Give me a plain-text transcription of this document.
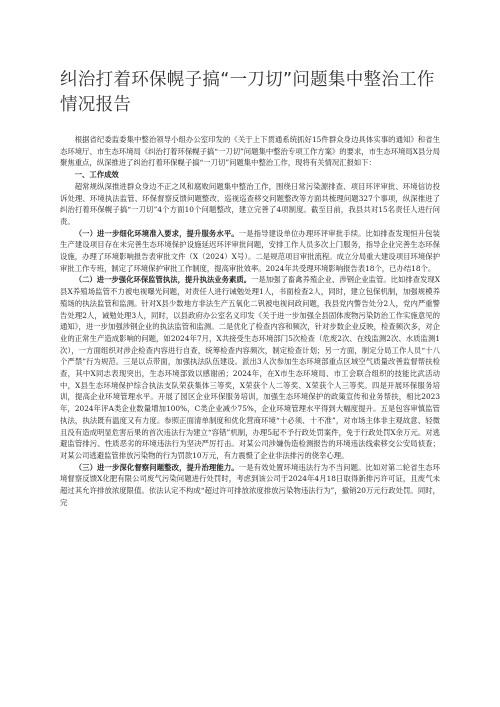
纠治打着环保幌子搞“一刀切”问题集中整治工作情况报告

根据省纪委监委集中整治领导小组办公室印发的《关于上下贯通系统抓好15件群众身边具体实事的通知》和省生态环境厅、市生态环境局《纠治打着环保幌子搞“一刀切”问题集中整治专项工作方案》的要求，市生态环境局X县分局聚焦重点，纵深推进了纠治打着环保幌子搞“一刀切”问题集中整治工作，现将有关情况汇报如下：

一、工作成效

超常规纵深推进群众身边不正之风和腐败问题集中整治工作，围绕日常污染源排查、项目环评审批、环境信访投诉处理、环境执法监管、环保督察反馈问题整改、巡视巡查移交问题整改等方面共梳理问题327个事项，纵深推进了纠治打着环保幌子搞“一刀切”4个方面10个问题整改，建立完善了4项制度。截至目前，我县共对15名责任人进行问责。

（一）进一步细化环境准入要求，提升服务水平。一是指导建设单位办理环评审批手续。比如排查发现恒升包装生产建设项目存在未完善生态环境保护设施延迟环评审批问题，安排工作人员多次上门服务，指导企业完善生态环保设施，办理了环境影响报告表审批文件（X（2024）X号）。二是规范项目审批流程。成立分局重大建设项目环境保护审批工作专班，制定了环境保护审批工作制度，提高审批效率。2024年共受理环境影响报告表18个，已办结18个。

（二）进一步强化环保监管执法，提升执法业务素质。一是加强了畜禽养殖企业、涉钢企业监管。比如排查发现X县X养殖场监管不力被电视曝光问题，对责任人进行诫勉处理1人，书面检查2人，同时，建立包保机制，加强规模养殖场的执法监管和监测。针对X县少数地方非法生产五氧化二钒被电视问政问题，我县党内警告处分2人，党内严重警告处理2人，诫勉处理3人，同时，以县政府办公室名义印发《关于进一步加强全县固体废物污染防治工作实施意见的通知》，进一步加强涉钢企业的执法监管和监测。二是优化了检查内容和频次，针对步数企业反映，检查频次多，对企业的正常生产造成影响的问题，如2024年7月，X共接受生态环境部门5次检查（危废2次、在线监测2次、水质监测1次），一方面组织对涉企检查内容进行自查，统筹检查内容频次，制定检查计划；另一方面，制定分局工作人员“十八个严禁”行为规范。三是以点带面，加强执法队伍建设。派出3人次参加生态环境部重点区域空气质量改善监督帮扶检查，其中X同志表现突出，生态环境部致以感谢函；2024年，在X市生态环境局、市工会联合组织的技能比武活动中，X县生态环境保护综合执法支队荣获集体三等奖，X荣获个人二等奖、X荣获个人三等奖。四是开展环保服务培训，提高企业环境管理水平。开展了园区企业环保服务培训，加强生态环境保护的政策宣传和业务帮扶，相比2023年，2024年评A类企业数量增加100%，C类企业减少75%，企业环境管理水平得到大幅度提升。五是包容审慎监管执法，执法既有温度又有力度。参照正面清单制度和优化营商环境“十必须、十不准”，对市场主体非主观故意、轻微且没有造成明显危害后果的首次违法行为建立“容错”机制，办理5起不予行政处罚案件，免于行政处罚X余万元。对逃避监管排污、性质恶劣的环境违法行为坚决严厉打击。对某公司涉嫌伪造检测报告的环境违法线索移交公安局侦查；对某公司逃避监管排放污染物的行为罚款10万元，有力震慑了企业非法排污的侥幸心理。

（三）进一步深化督察问题整改，提升治理能力。一是有效处置环境违法行为不当问题。比如对第二轮省生态环境督察反馈X化肥有限公司废气污染问题进行处罚时，考虑到该公司于2024年4月18日取得新排污许可证，且废气未超过其允许排放浓度限值。依法认定不构成“超过许可排放浓度排放污染物违法行为”，撤销20万元行政处罚。同时，完
